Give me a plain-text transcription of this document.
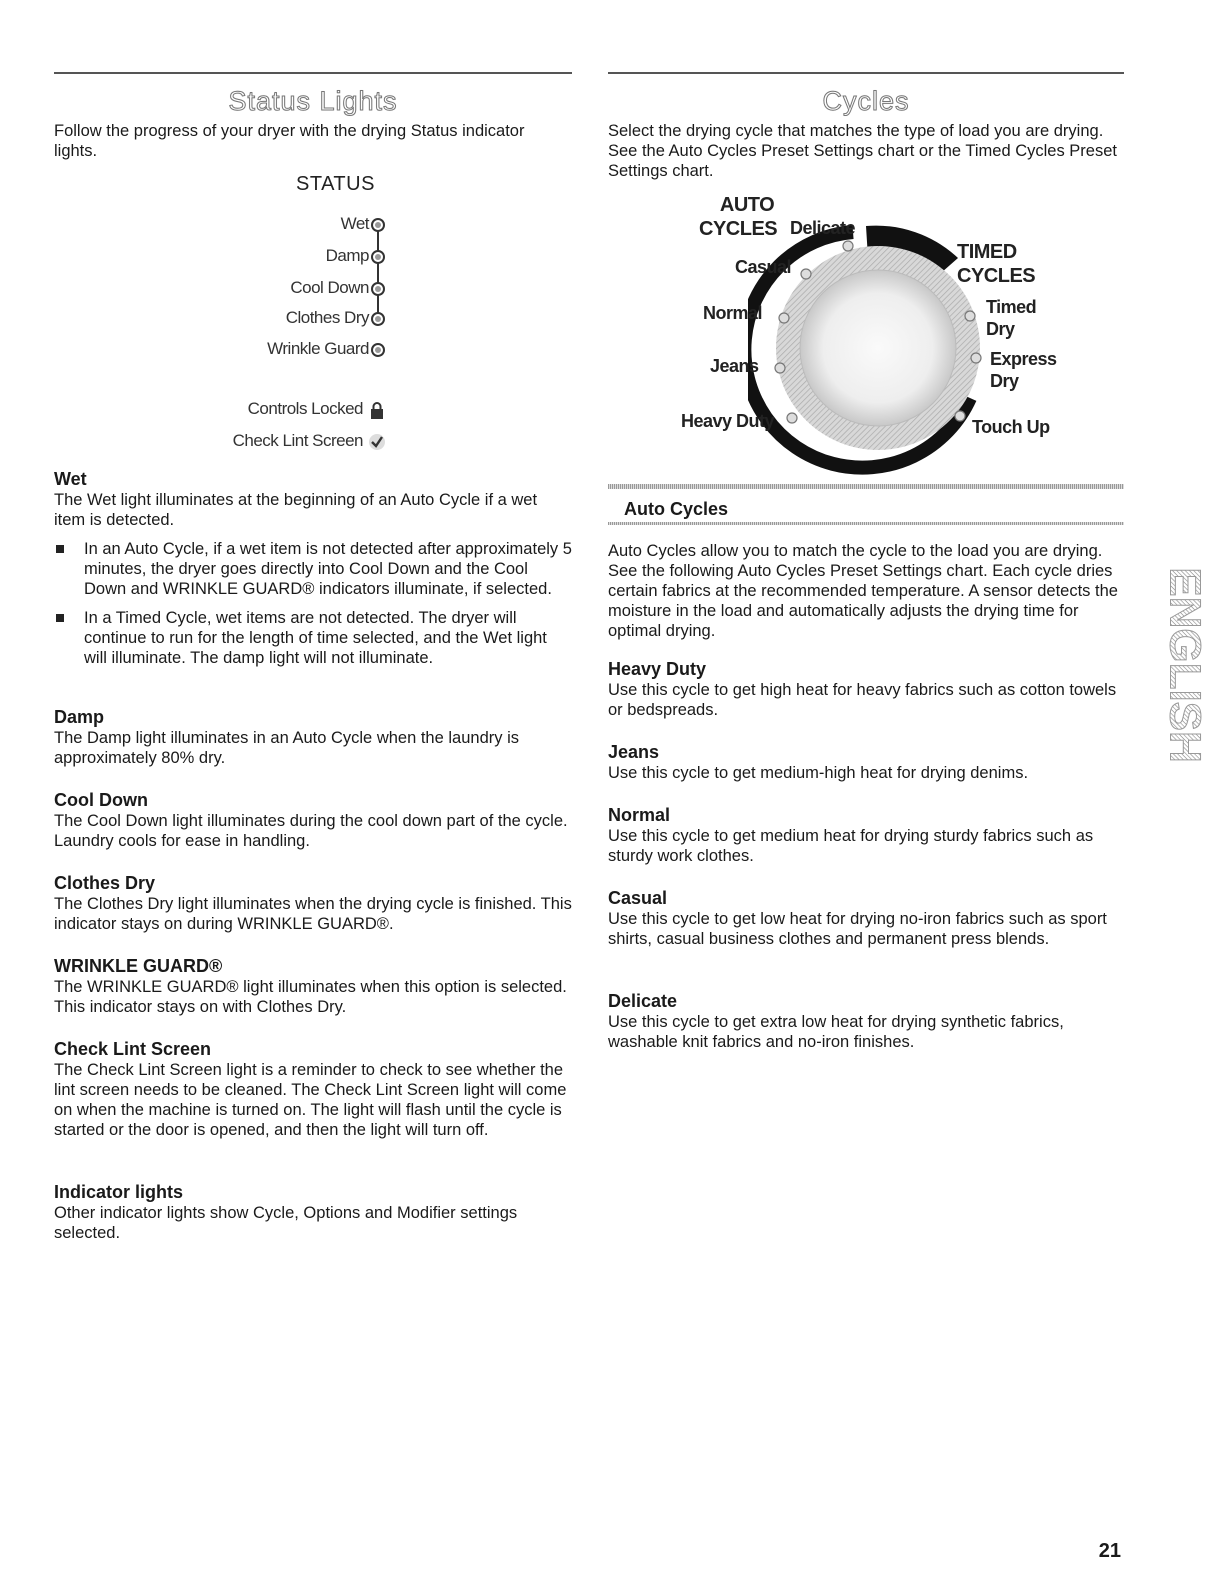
Status Lights

Follow the progress of your dryer with the drying Status indicator lights.

STATUS
Wet
Damp
Cool Down
Clothes Dry
Wrinkle Guard
Controls Locked
Check Lint Screen
Wet

The Wet light illuminates at the beginning of an Auto Cycle if a wet item is detected.

In an Auto Cycle, if a wet item is not detected after approximately 5 minutes, the dryer goes directly into Cool Down and the Cool Down and WRINKLE GUARD® indicators illuminate, if selected.
In a Timed Cycle, wet items are not detected. The dryer will continue to run for the length of time selected, and the Wet light will illuminate. The damp light will not illuminate.
Damp

The Damp light illuminates in an Auto Cycle when the laundry is approximately 80% dry.

Cool Down

The Cool Down light illuminates during the cool down part of the cycle. Laundry cools for ease in handling.

Clothes Dry

The Clothes Dry light illuminates when the drying cycle is finished. This indicator stays on during WRINKLE GUARD®.

WRINKLE GUARD®

The WRINKLE GUARD® light illuminates when this option is selected. This indicator stays on with Clothes Dry.

Check Lint Screen

The Check Lint Screen light is a reminder to check to see whether the lint screen needs to be cleaned. The Check Lint Screen light will come on when the machine is turned on. The light will flash until the cycle is started or the door is opened, and then the light will turn off.

Indicator lights

Other indicator lights show Cycle, Options and Modifier settings selected.

Cycles

Select the drying cycle that matches the type of load you are drying. See the Auto Cycles Preset Settings chart or the Timed Cycles Preset Settings chart.

AUTO
CYCLES
TIMED
CYCLES
Delicate
Casual
Normal
Jeans
Heavy Duty
Timed Dry
Express Dry
Touch Up
Auto Cycles

Auto Cycles allow you to match the cycle to the load you are drying. See the following Auto Cycles Preset Settings chart. Each cycle dries certain fabrics at the recommended temperature. A sensor detects the moisture in the load and automatically adjusts the drying time for optimal drying.

Heavy Duty

Use this cycle to get high heat for heavy fabrics such as cotton towels or bedspreads.

Jeans

Use this cycle to get medium-high heat for drying denims.

Normal

Use this cycle to get medium heat for drying sturdy fabrics such as sturdy work clothes.

Casual

Use this cycle to get low heat for drying no-iron fabrics such as sport shirts, casual business clothes and permanent press blends.

Delicate

Use this cycle to get extra low heat for drying synthetic fabrics, washable knit fabrics and no-iron finishes.

ENGLISH
21
